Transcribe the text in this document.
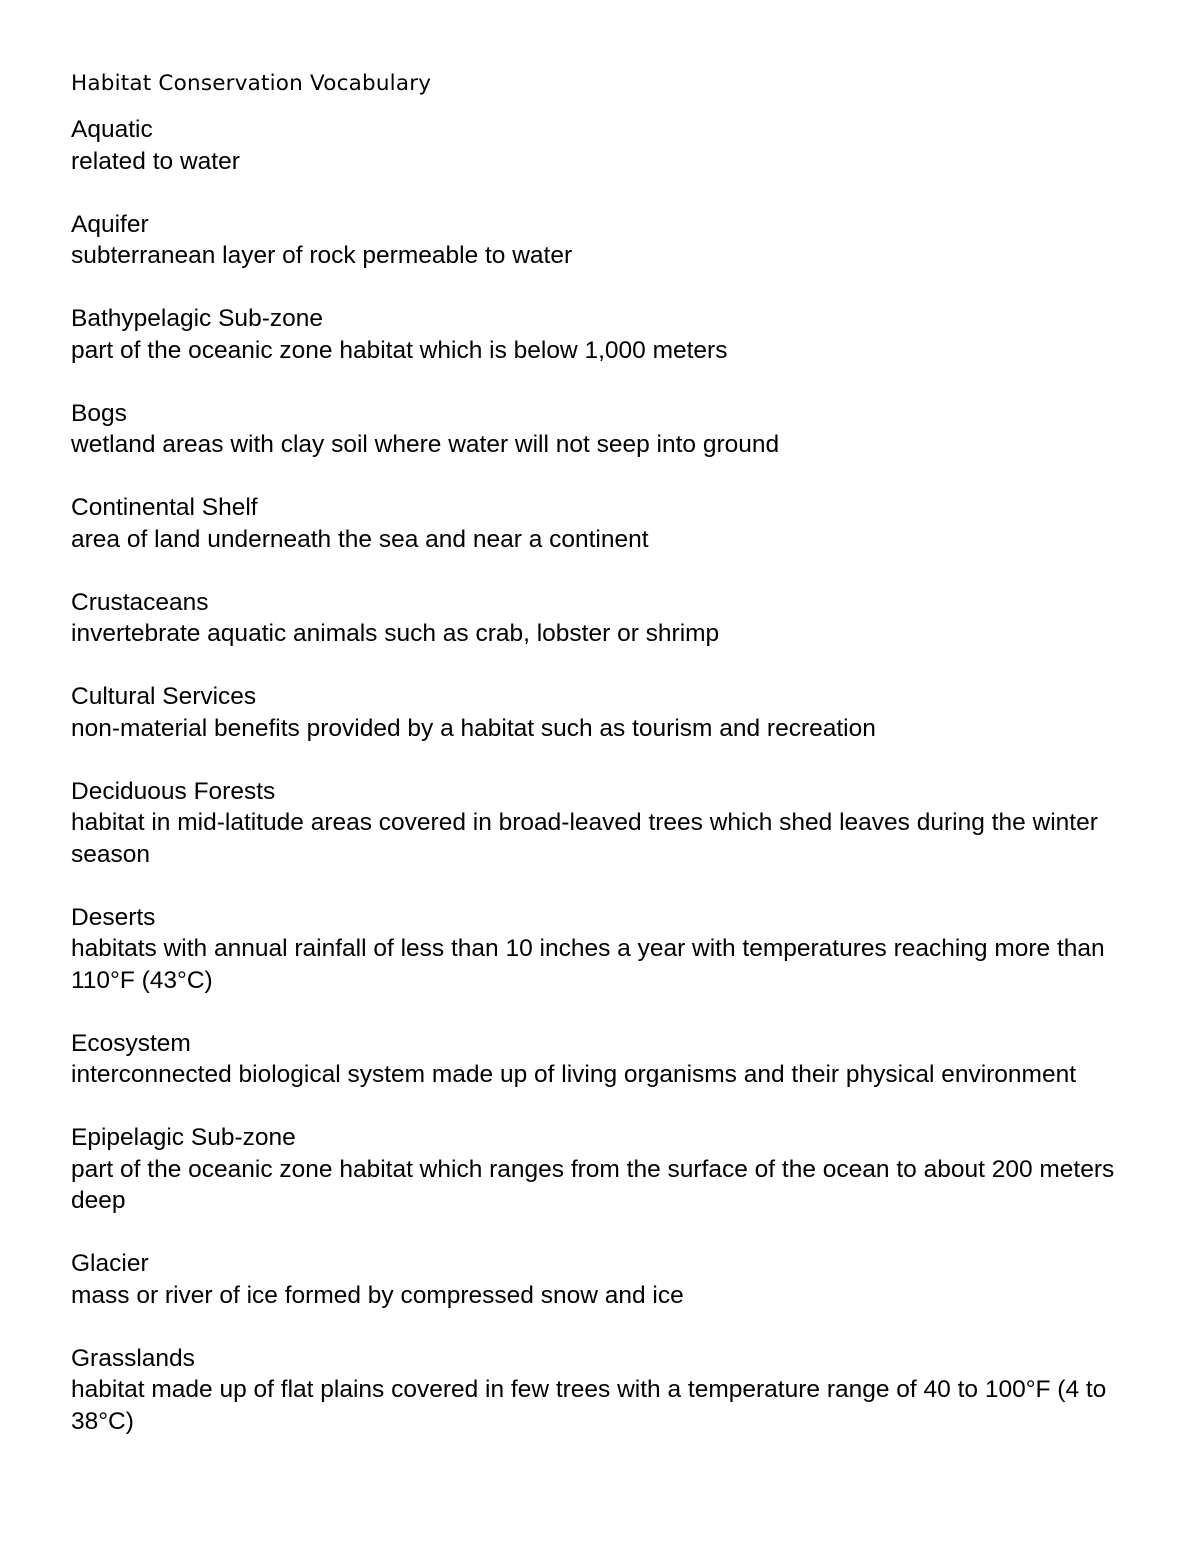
Habitat Conservation Vocabulary
Aquatic
related to water
Aquifer
subterranean layer of rock permeable to water
Bathypelagic Sub-zone
part of the oceanic zone habitat which is below 1,000 meters
Bogs
wetland areas with clay soil where water will not seep into ground
Continental Shelf
area of land underneath the sea and near a continent
Crustaceans
invertebrate aquatic animals such as crab, lobster or shrimp
Cultural Services
non-material benefits provided by a habitat such as tourism and recreation
Deciduous Forests
habitat in mid-latitude areas covered in broad-leaved trees which shed leaves during the winter season
Deserts
habitats with annual rainfall of less than 10 inches a year with temperatures reaching more than 110°F (43°C)
Ecosystem
interconnected biological system made up of living organisms and their physical environment
Epipelagic Sub-zone
part of the oceanic zone habitat which ranges from the surface of the ocean to about 200 meters deep
Glacier
mass or river of ice formed by compressed snow and ice
Grasslands
habitat made up of flat plains covered in few trees with a temperature range of 40 to 100°F (4 to 38°C)
